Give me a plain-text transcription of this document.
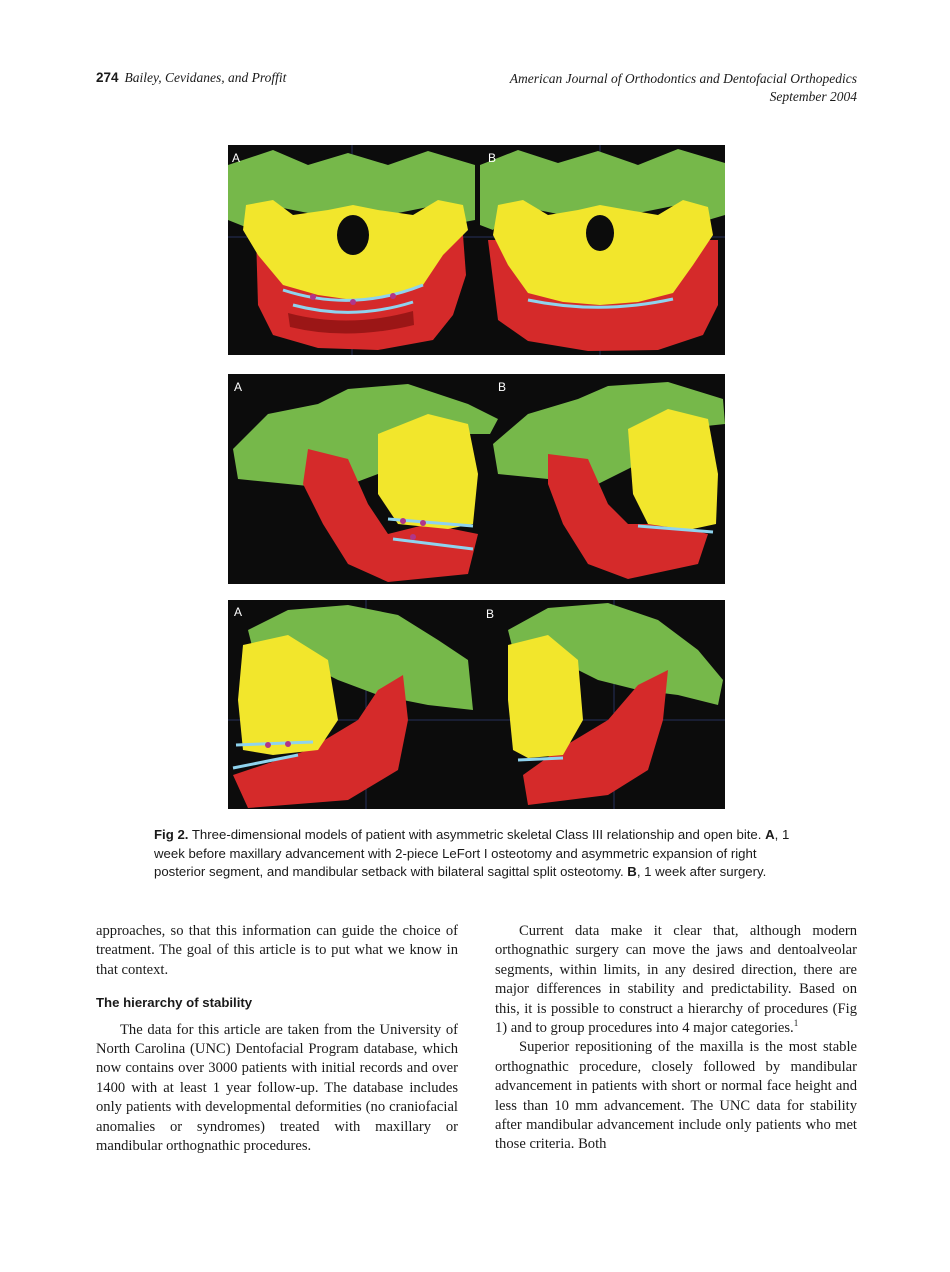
274 Bailey, Cevidanes, and Proffit	American Journal of Orthodontics and Dentofacial Orthopedics
September 2004
A	B
A	B
A	B
Fig 2. Three-dimensional models of patient with asymmetric skeletal Class III relationship and open bite. A, 1 week before maxillary advancement with 2-piece LeFort I osteotomy and asymmetric expansion of right posterior segment, and mandibular setback with bilateral sagittal split osteotomy. B, 1 week after surgery.

approaches, so that this information can guide the choice of treatment. The goal of this article is to put what we know in that context.

The hierarchy of stability

The data for this article are taken from the University of North Carolina (UNC) Dentofacial Program database, which now contains over 3000 patients with initial records and over 1400 with at least 1 year follow-up. The database includes only patients with developmental deformities (no craniofacial anomalies or syndromes) treated with maxillary or mandibular orthognathic procedures.

Current data make it clear that, although modern orthognathic surgery can move the jaws and dentoalveolar segments, within limits, in any desired direction, there are major differences in stability and predictability. Based on this, it is possible to construct a hierarchy of procedures (Fig 1) and to group procedures into 4 major categories.$^1$

Superior repositioning of the maxilla is the most stable orthognathic procedure, closely followed by mandibular advancement in patients with short or normal face height and less than 10 mm advancement. The UNC data for stability after mandibular advancement include only patients who met those criteria. Both
